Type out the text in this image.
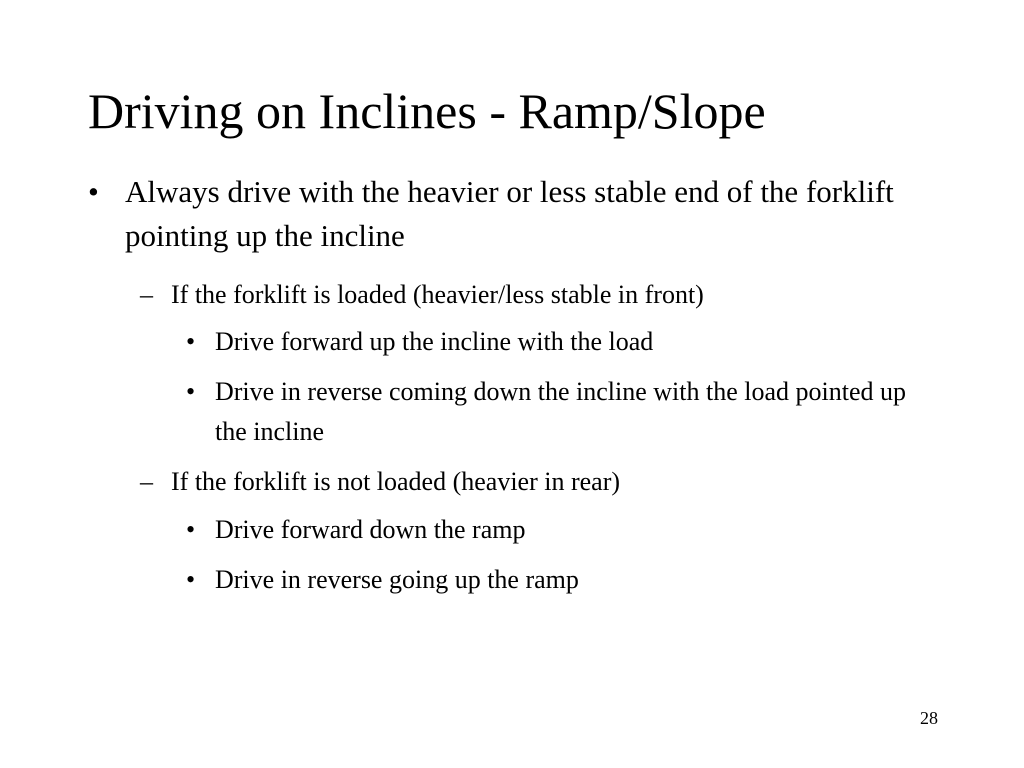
Driving on Inclines - Ramp/Slope

• Always drive with the heavier or less stable end of the forklift pointing up the incline

– If the forklift is loaded (heavier/less stable in front)

• Drive forward up the incline with the load

• Drive in reverse coming down the incline with the load pointed up the incline

– If the forklift is not loaded (heavier in rear)

• Drive forward down the ramp

• Drive in reverse going up the ramp

28
